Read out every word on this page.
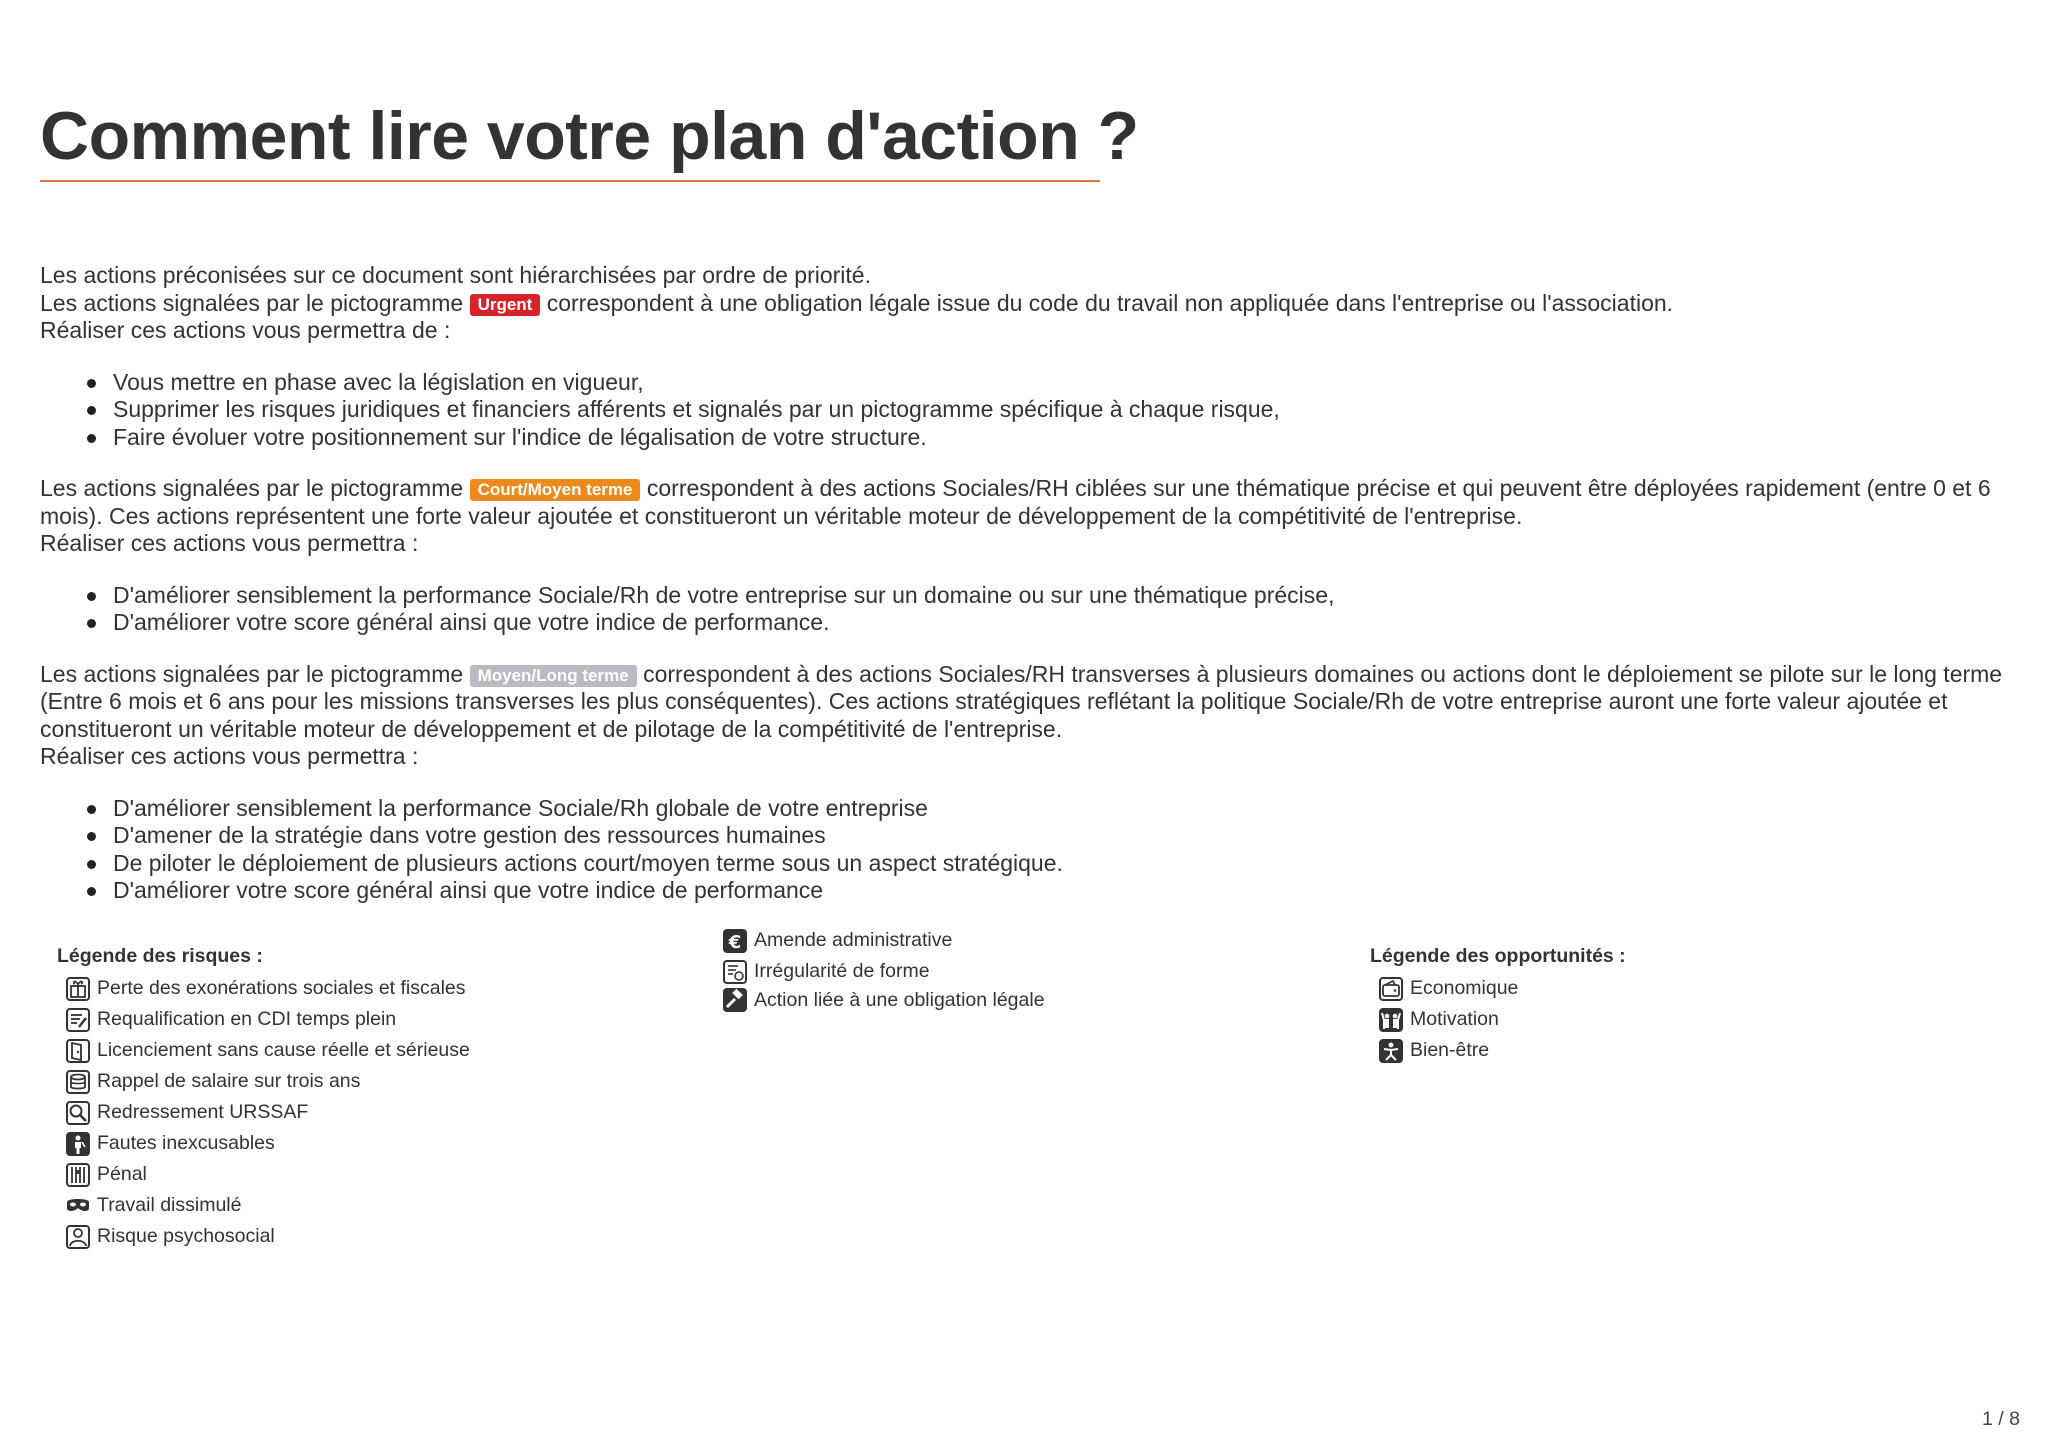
Comment lire votre plan d'action ?

Les actions préconisées sur ce document sont hiérarchisées par ordre de priorité.

Les actions signalées par le pictogramme Urgent correspondent à une obligation légale issue du code du travail non appliquée dans l'entreprise ou l'association.

Réaliser ces actions vous permettra de :

Vous mettre en phase avec la législation en vigueur,
Supprimer les risques juridiques et financiers afférents et signalés par un pictogramme spécifique à chaque risque,
Faire évoluer votre positionnement sur l'indice de légalisation de votre structure.

Les actions signalées par le pictogramme Court/Moyen terme correspondent à des actions Sociales/RH ciblées sur une thématique précise et qui peuvent être déployées rapidement (entre 0 et 6 mois). Ces actions représentent une forte valeur ajoutée et constitueront un véritable moteur de développement de la compétitivité de l'entreprise.

Réaliser ces actions vous permettra :

D'améliorer sensiblement la performance Sociale/Rh de votre entreprise sur un domaine ou sur une thématique précise,
D'améliorer votre score général ainsi que votre indice de performance.

Les actions signalées par le pictogramme Moyen/Long terme correspondent à des actions Sociales/RH transverses à plusieurs domaines ou actions dont le déploiement se pilote sur le long terme (Entre 6 mois et 6 ans pour les missions transverses les plus conséquentes). Ces actions stratégiques reflétant la politique Sociale/Rh de votre entreprise auront une forte valeur ajoutée et constitueront un véritable moteur de développement et de pilotage de la compétitivité de l'entreprise.

Réaliser ces actions vous permettra :

D'améliorer sensiblement la performance Sociale/Rh globale de votre entreprise
D'amener de la stratégie dans votre gestion des ressources humaines
De piloter le déploiement de plusieurs actions court/moyen terme sous un aspect stratégique.
D'améliorer votre score général ainsi que votre indice de performance
Légende des risques :
Perte des exonérations sociales et fiscales
Requalification en CDI temps plein
Licenciement sans cause réelle et sérieuse
Rappel de salaire sur trois ans
Redressement URSSAF
Fautes inexcusables
Pénal
Travail dissimulé
Risque psychosocial
€ Amende administrative
Irrégularité de forme
Action liée à une obligation légale
Légende des opportunités :
Economique
Motivation
Bien-être
1 / 8
